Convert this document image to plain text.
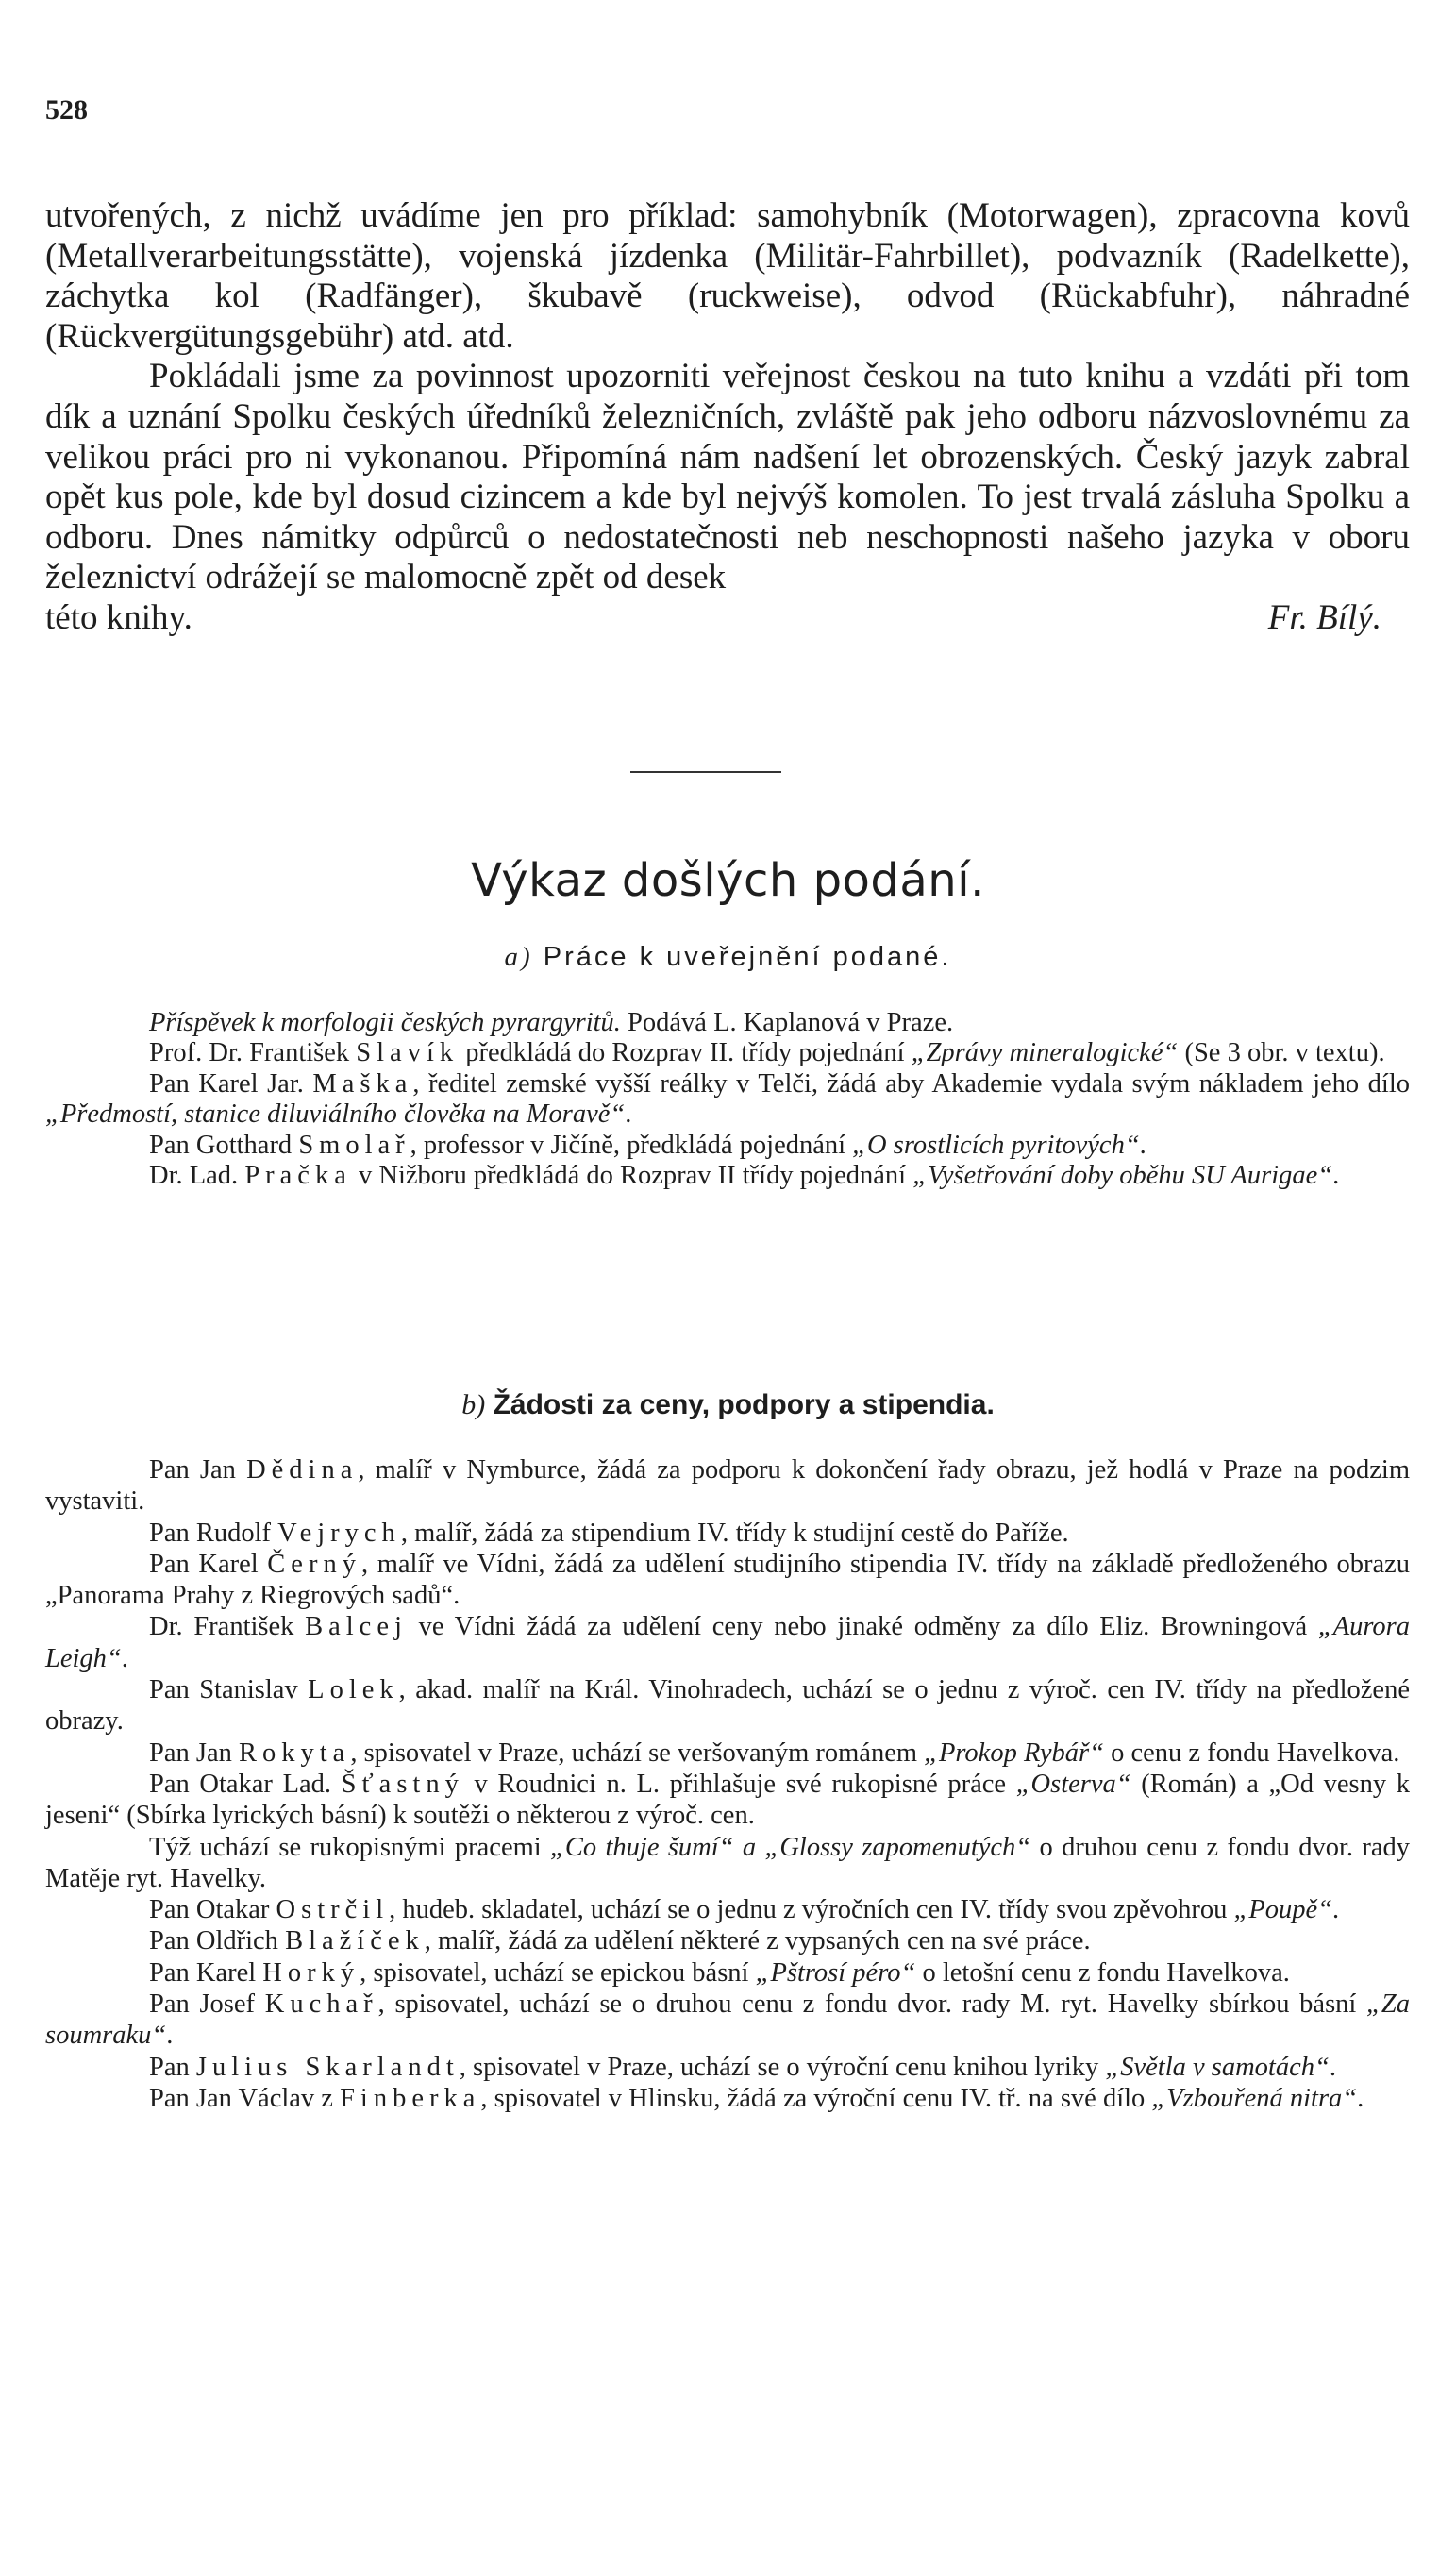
528

utvořených, z nichž uvádíme jen pro příklad: samohybník (Motorwagen), zpracovna kovů (Metallverarbeitungsstätte), vojenská jízdenka (Militär-Fahrbillet), podvazník (Radelkette), záchytka kol (Radfänger), škubavě (ruckweise), odvod (Rückabfuhr), náhradné (Rückvergütungsgebühr) atd. atd.

Pokládali jsme za povinnost upozorniti veřejnost českou na tuto knihu a vzdáti při tom dík a uznání Spolku českých úředníků železničních, zvláště pak jeho odboru názvoslovnému za velikou práci pro ni vykonanou. Připomíná nám nadšení let obrozenských. Český jazyk zabral opět kus pole, kde byl dosud cizincem a kde byl nejvýš komolen. To jest trvalá zásluha Spolku a odboru. Dnes námitky odpůrců o nedostatečnosti neb neschopnosti našeho jazyka v oboru železnictví odrážejí se malomocně zpět od desek

této knihy.	Fr. Bílý.
Výkaz došlých podání.
a) Práce k uveřejnění podané.

Příspěvek k morfologii českých pyrargyritů. Podává L. Kaplanová v Praze.

Prof. Dr. František Slavík předkládá do Rozprav II. třídy pojednání „Zprávy mineralogické“ (Se 3 obr. v textu).

Pan Karel Jar. Maška, ředitel zemské vyšší reálky v Telči, žádá aby Akademie vydala svým nákladem jeho dílo „Předmostí, stanice diluviálního člověka na Moravě“.

Pan Gotthard Smolař, professor v Jičíně, předkládá pojednání „O srostlicích pyritových“.

Dr. Lad. Pračka v Nižboru předkládá do Rozprav II třídy pojednání „Vyšetřování doby oběhu SU Aurigae“.

b) Žádosti za ceny, podpory a stipendia.

Pan Jan Dědina, malíř v Nymburce, žádá za podporu k dokončení řady obrazu, jež hodlá v Praze na podzim vystaviti.

Pan Rudolf Vejrych, malíř, žádá za stipendium IV. třídy k studijní cestě do Paříže.

Pan Karel Černý, malíř ve Vídni, žádá za udělení studijního stipendia IV. třídy na základě předloženého obrazu „Panorama Prahy z Riegrových sadů“.

Dr. František Balcej ve Vídni žádá za udělení ceny nebo jinaké odměny za dílo Eliz. Browningová „Aurora Leigh“.

Pan Stanislav Lolek, akad. malíř na Král. Vinohradech, uchází se o jednu z výroč. cen IV. třídy na předložené obrazy.

Pan Jan Rokyta, spisovatel v Praze, uchází se veršovaným románem „Prokop Rybář“ o cenu z fondu Havelkova.

Pan Otakar Lad. Šťastný v Roudnici n. L. přihlašuje své rukopisné práce „Osterva“ (Román) a „Od vesny k jeseni“ (Sbírka lyrických básní) k soutěži o některou z výroč. cen.

Týž uchází se rukopisnými pracemi „Co thuje šumí“ a „Glossy zapomenutých“ o druhou cenu z fondu dvor. rady Matěje ryt. Havelky.

Pan Otakar Ostrčil, hudeb. skladatel, uchází se o jednu z výročních cen IV. třídy svou zpěvohrou „Poupě“.

Pan Oldřich Blažíček, malíř, žádá za udělení některé z vypsaných cen na své práce.

Pan Karel Horký, spisovatel, uchází se epickou básní „Pštrosí péro“ o letošní cenu z fondu Havelkova.

Pan Josef Kuchař, spisovatel, uchází se o druhou cenu z fondu dvor. rady M. ryt. Havelky sbírkou básní „Za soumraku“.

Pan Julius Skarlandt, spisovatel v Praze, uchází se o výroční cenu knihou lyriky „Světla v samotách“.

Pan Jan Václav z Finberka, spisovatel v Hlinsku, žádá za výroční cenu IV. tř. na své dílo „Vzbouřená nitra“.
